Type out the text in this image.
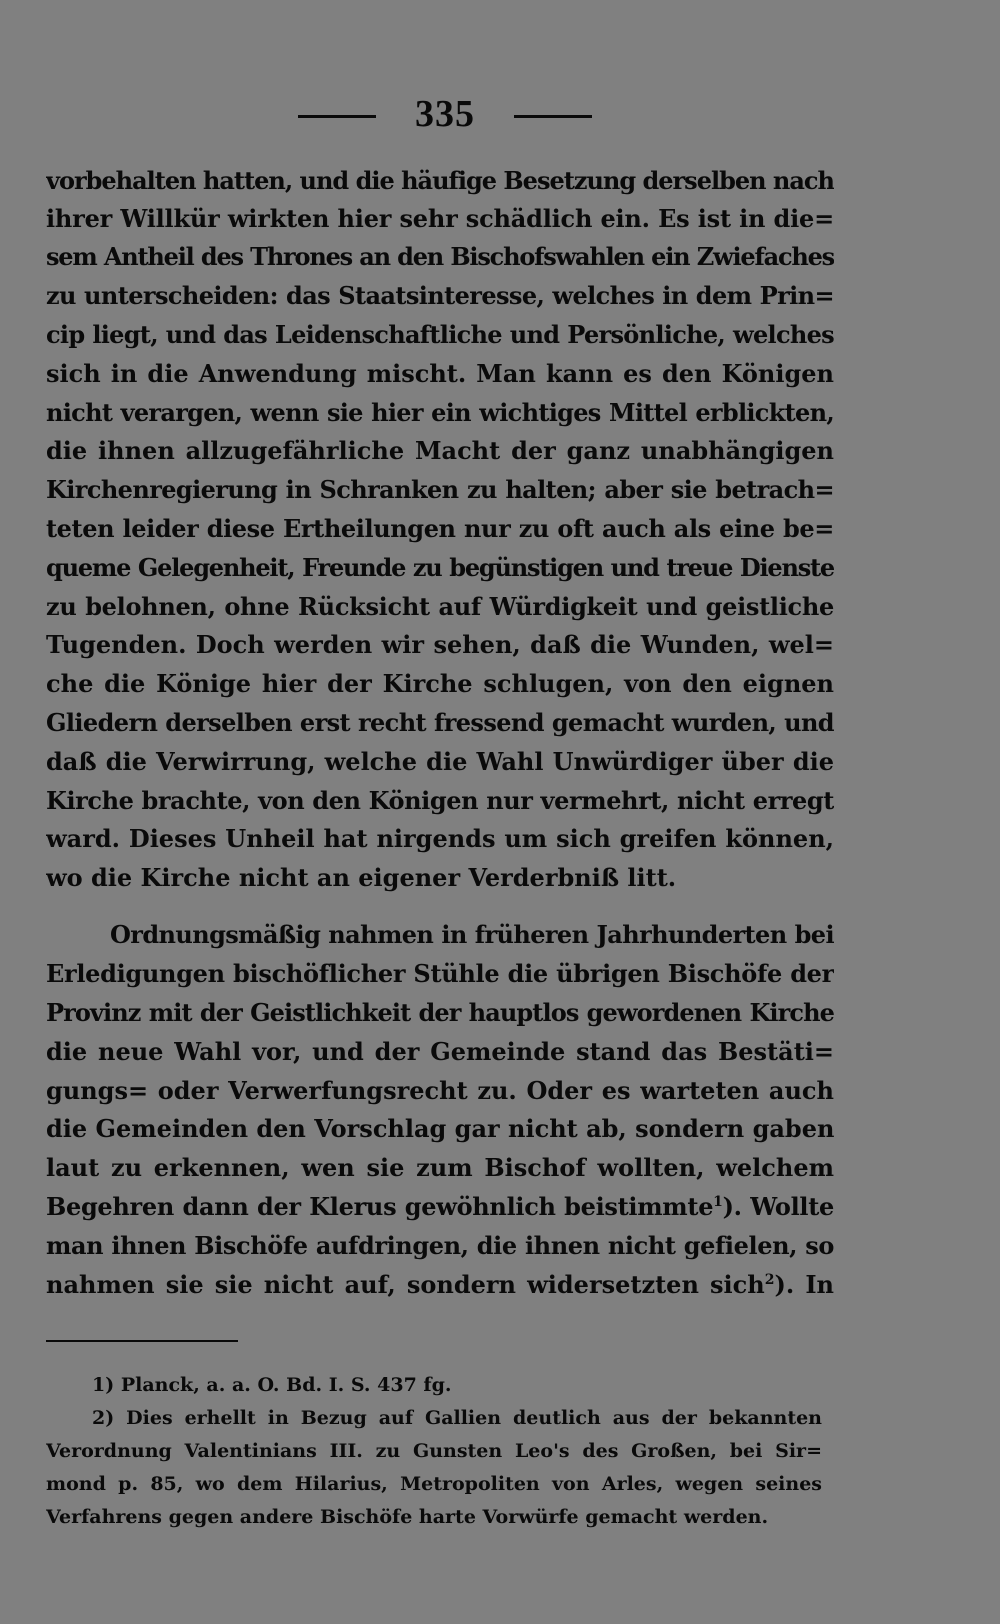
335
vorbehalten hatten, und die häufige Besetzung derselben nach
ihrer Willkür wirkten hier sehr schädlich ein. Es ist in die=
sem Antheil des Thrones an den Bischofswahlen ein Zwiefaches
zu unterscheiden: das Staatsinteresse, welches in dem Prin=
cip liegt, und das Leidenschaftliche und Persönliche, welches
sich in die Anwendung mischt. Man kann es den Königen
nicht verargen, wenn sie hier ein wichtiges Mittel erblickten,
die ihnen allzugefährliche Macht der ganz unabhängigen
Kirchenregierung in Schranken zu halten; aber sie betrach=
teten leider diese Ertheilungen nur zu oft auch als eine be=
queme Gelegenheit, Freunde zu begünstigen und treue Dienste
zu belohnen, ohne Rücksicht auf Würdigkeit und geistliche
Tugenden. Doch werden wir sehen, daß die Wunden, wel=
che die Könige hier der Kirche schlugen, von den eignen
Gliedern derselben erst recht fressend gemacht wurden, und
daß die Verwirrung, welche die Wahl Unwürdiger über die
Kirche brachte, von den Königen nur vermehrt, nicht erregt
ward. Dieses Unheil hat nirgends um sich greifen können,
wo die Kirche nicht an eigener Verderbniß litt.
Ordnungsmäßig nahmen in früheren Jahrhunderten bei
Erledigungen bischöflicher Stühle die übrigen Bischöfe der
Provinz mit der Geistlichkeit der hauptlos gewordenen Kirche
die neue Wahl vor, und der Gemeinde stand das Bestäti=
gungs= oder Verwerfungsrecht zu. Oder es warteten auch
die Gemeinden den Vorschlag gar nicht ab, sondern gaben
laut zu erkennen, wen sie zum Bischof wollten, welchem
Begehren dann der Klerus gewöhnlich beistimmte$^1$). Wollte
man ihnen Bischöfe aufdringen, die ihnen nicht gefielen, so
nahmen sie sie nicht auf, sondern widersetzten sich$^2$). In
1) Planck, a. a. O. Bd. I. S. 437 fg.
2) Dies erhellt in Bezug auf Gallien deutlich aus der bekannten
Verordnung Valentinians III. zu Gunsten Leo's des Großen, bei Sir=
mond p. 85, wo dem Hilarius, Metropoliten von Arles, wegen seines
Verfahrens gegen andere Bischöfe harte Vorwürfe gemacht werden.
